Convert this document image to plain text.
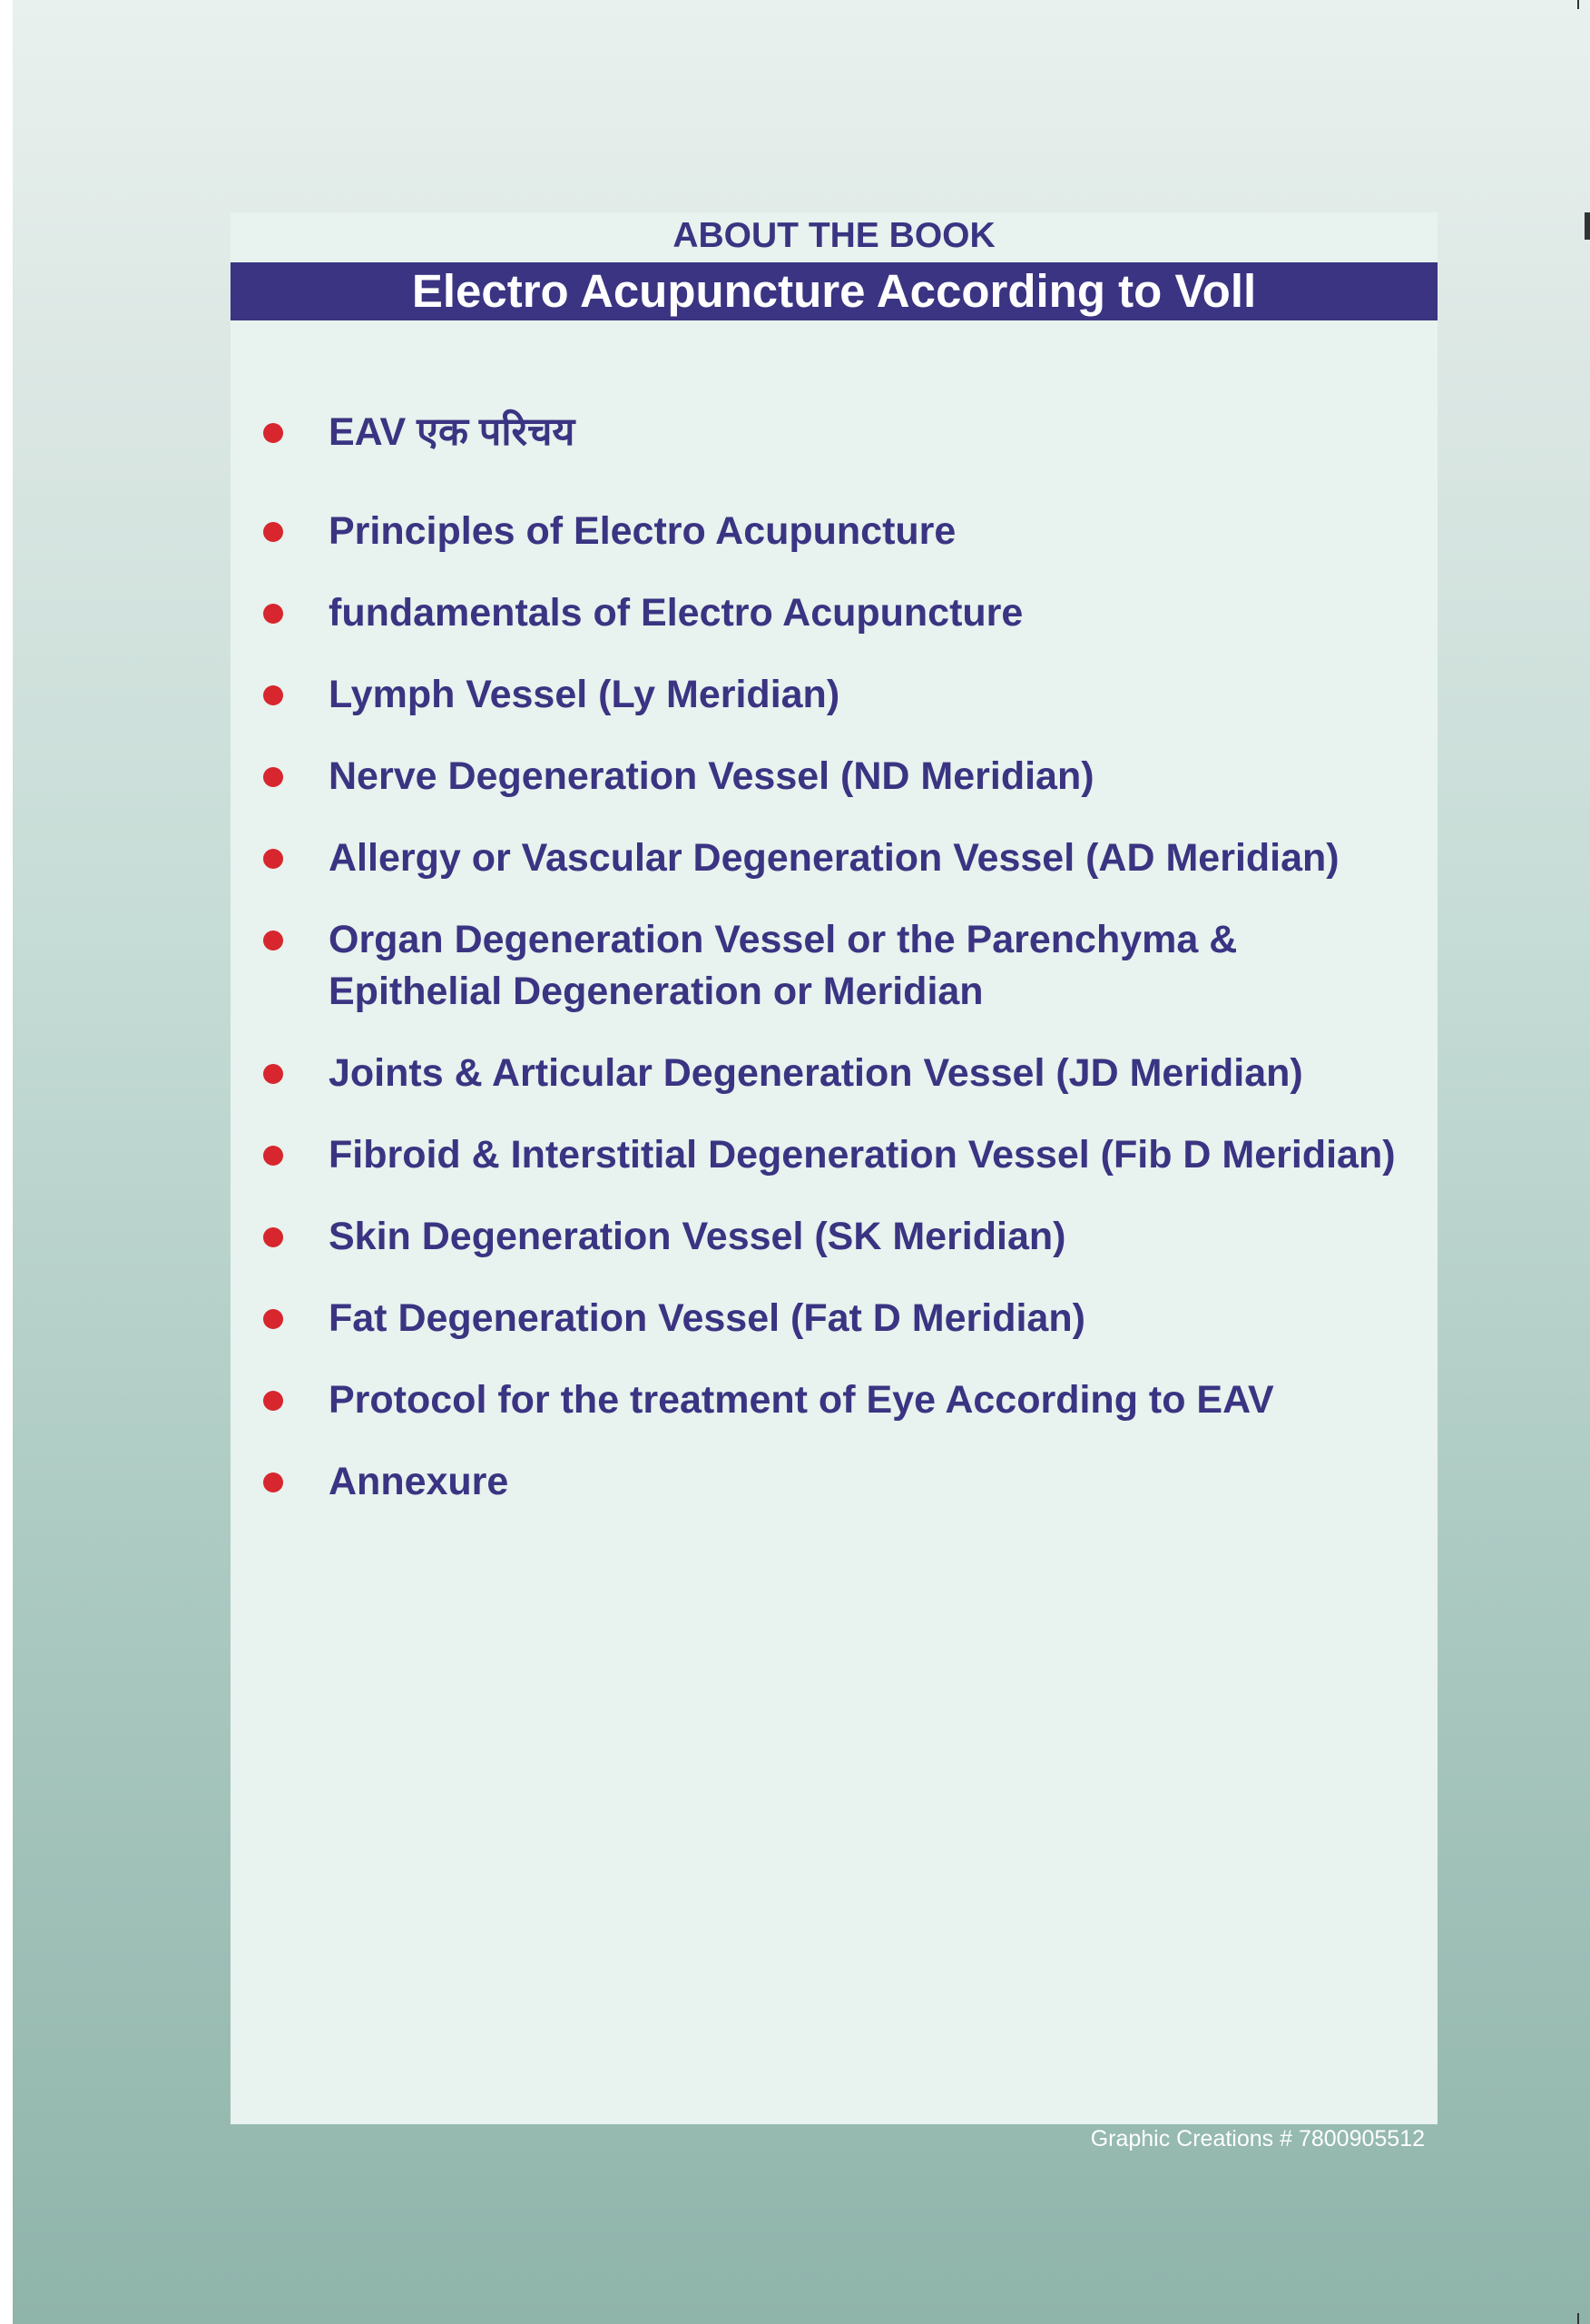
ABOUT THE BOOK
Electro Acupuncture According to Voll
EAV एक परिचय
Principles of Electro Acupuncture
fundamentals of Electro Acupuncture
Lymph Vessel (Ly Meridian)
Nerve Degeneration Vessel (ND Meridian)
Allergy or Vascular Degeneration Vessel (AD Meridian)
Organ Degeneration Vessel or the Parenchyma & Epithelial Degeneration or Meridian
Joints & Articular Degeneration Vessel (JD Meridian)
Fibroid & Interstitial Degeneration Vessel (Fib D Meridian)
Skin Degeneration Vessel (SK Meridian)
Fat Degeneration Vessel (Fat D Meridian)
Protocol for the treatment of Eye According to EAV
Annexure
Graphic Creations # 7800905512
